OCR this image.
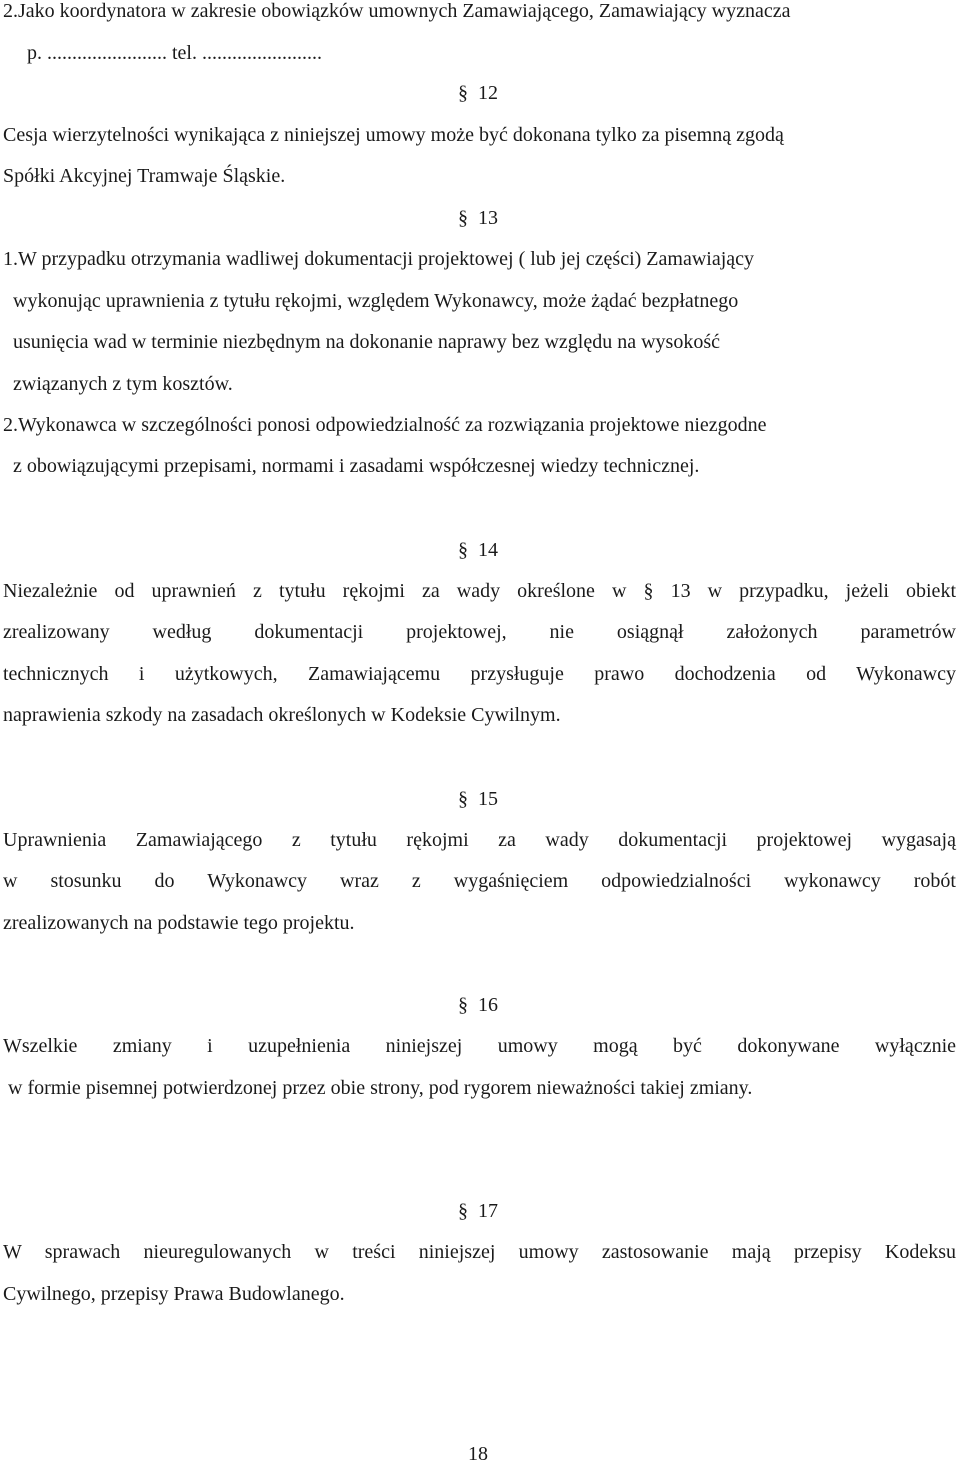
2.Jako koordynatora w zakresie obowiązków umownych Zamawiającego, Zamawiający wyznacza
p. ........................ tel. ........................
§ 12
Cesja wierzytelności wynikająca z niniejszej umowy może być dokonana tylko za pisemną zgodą
Spółki Akcyjnej Tramwaje Śląskie.
§ 13
1.W przypadku otrzymania wadliwej dokumentacji projektowej ( lub jej części) Zamawiający
wykonując uprawnienia z tytułu rękojmi, względem Wykonawcy, może żądać bezpłatnego
usunięcia wad w terminie niezbędnym na dokonanie naprawy bez względu na wysokość
związanych z tym kosztów.
2.Wykonawca w szczególności ponosi odpowiedzialność za rozwiązania projektowe niezgodne
z obowiązującymi przepisami, normami i zasadami współczesnej wiedzy technicznej.
§ 14
Niezależnie od uprawnień z tytułu rękojmi za wady określone w § 13 w przypadku, jeżeli obiekt
zrealizowany według dokumentacji projektowej, nie osiągnął założonych parametrów
technicznych i użytkowych, Zamawiającemu przysługuje prawo dochodzenia od Wykonawcy
naprawienia szkody na zasadach określonych w Kodeksie Cywilnym.
§ 15
Uprawnienia Zamawiającego z tytułu rękojmi za wady dokumentacji projektowej wygasają
w stosunku do Wykonawcy wraz z wygaśnięciem odpowiedzialności wykonawcy robót
zrealizowanych na podstawie tego projektu.
§ 16
Wszelkie zmiany i uzupełnienia niniejszej umowy mogą być dokonywane wyłącznie
w formie pisemnej potwierdzonej przez obie strony, pod rygorem nieważności takiej zmiany.
§ 17
W sprawach nieuregulowanych w treści niniejszej umowy zastosowanie mają przepisy Kodeksu
Cywilnego, przepisy Prawa Budowlanego.
18
